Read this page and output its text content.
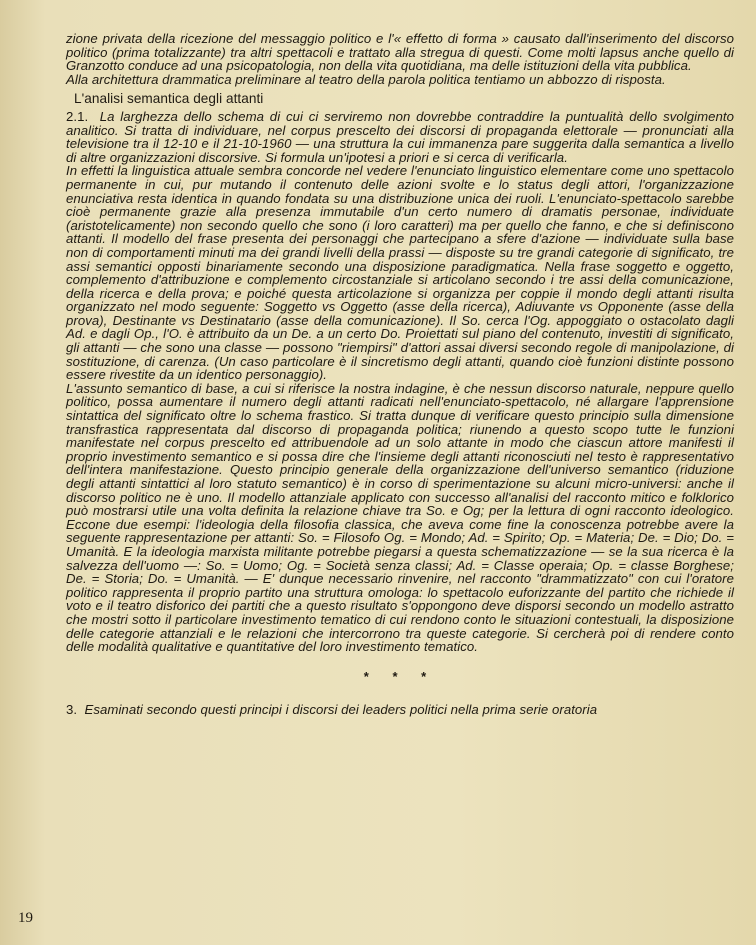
zione privata della ricezione del messaggio politico e l'« effetto di forma » causato dall'inserimento del discorso politico (prima totalizzante) tra altri spettacoli e trattato alla stregua di questi. Come molti lapsus anche quello di Granzotto conduce ad una psicopatologia, non della vita quotidiana, ma delle istituzioni della vita pubblica.

Alla architettura drammatica preliminare al teatro della parola politica tentiamo un abbozzo di risposta.

L'analisi semantica degli attanti

2.1. La larghezza dello schema di cui ci serviremo non dovrebbe contraddire la puntualità dello svolgimento analitico. Si tratta di individuare, nel corpus prescelto dei discorsi di propaganda elettorale — pronunciati alla televisione tra il 12-10 e il 21-10-1960 — una struttura la cui immanenza pare suggerita dalla semantica a livello di altre organizzazioni discorsive. Si formula un'ipotesi a priori e si cerca di verificarla.

In effetti la linguistica attuale sembra concorde nel vedere l'enunciato linguistico elementare come uno spettacolo permanente in cui, pur mutando il contenuto delle azioni svolte e lo status degli attori, l'organizzazione enunciativa resta identica in quando fondata su una distribuzione unica dei ruoli. L'enunciato-spettacolo sarebbe cioè permanente grazie alla presenza immutabile d'un certo numero di dramatis personae, individuate (aristotelicamente) non secondo quello che sono (i loro caratteri) ma per quello che fanno, e che si definiscono attanti. Il modello del frase presenta dei personaggi che partecipano a sfere d'azione — individuate sulla base non di comportamenti minuti ma dei grandi livelli della prassi — disposte su tre grandi categorie di significato, tre assi semantici opposti binariamente secondo una disposizione paradigmatica. Nella frase soggetto e oggetto, complemento d'attribuzione e complemento circostanziale si articolano secondo i tre assi della comunicazione, della ricerca e della prova; e poiché questa articolazione si organizza per coppie il mondo degli attanti risulta organizzato nel modo seguente: Soggetto vs Oggetto (asse della ricerca), Adiuvante vs Opponente (asse della prova), Destinante vs Destinatario (asse della comunicazione). Il So. cerca l'Og. appoggiato o ostacolato dagli Ad. e dagli Op., l'O. è attribuito da un De. a un certo Do. Proiettati sul piano del contenuto, investiti di significato, gli attanti — che sono una classe — possono "riempirsi" d'attori assai diversi secondo regole di manipolazione, di sostituzione, di carenza. (Un caso particolare è il sincretismo degli attanti, quando cioè funzioni distinte possono essere rivestite da un identico personaggio).

L'assunto semantico di base, a cui si riferisce la nostra indagine, è che nessun discorso naturale, neppure quello politico, possa aumentare il numero degli attanti radicati nell'enunciato-spettacolo, né allargare l'apprensione sintattica del significato oltre lo schema frastico. Si tratta dunque di verificare questo principio sulla dimensione transfrastica rappresentata dal discorso di propaganda politica; riunendo a questo scopo tutte le funzioni manifestate nel corpus prescelto ed attribuendole ad un solo attante in modo che ciascun attore manifesti il proprio investimento semantico e si possa dire che l'insieme degli attanti riconosciuti nel testo è rappresentativo dell'intera manifestazione. Questo principio generale della organizzazione dell'universo semantico (riduzione degli attanti sintattici al loro statuto semantico) è in corso di sperimentazione su alcuni micro-universi: anche il discorso politico ne è uno. Il modello attanziale applicato con successo all'analisi del racconto mitico e folklorico può mostrarsi utile una volta definita la relazione chiave tra So. e Og; per la lettura di ogni racconto ideologico. Eccone due esempi: l'ideologia della filosofia classica, che aveva come fine la conoscenza potrebbe avere la seguente rappresentazione per attanti: So. = Filosofo Og. = Mondo; Ad. = Spirito; Op. = Materia; De. = Dio; Do. = Umanità. E la ideologia marxista militante potrebbe piegarsi a questa schematizzazione — se la sua ricerca è la salvezza dell'uomo —: So. = Uomo; Og. = Società senza classi; Ad. = Classe operaia; Op. = classe Borghese; De. = Storia; Do. = Umanità. — E' dunque necessario rinvenire, nel racconto "drammatizzato" con cui l'oratore politico rappresenta il proprio partito una struttura omologa: lo spettacolo euforizzante del partito che richiede il voto e il teatro disforico dei partiti che a questo risultato s'oppongono deve disporsi secondo un modello astratto che mostri sotto il particolare investimento tematico di cui rendono conto le situazioni contestuali, la disposizione delle categorie attanziali e le relazioni che intercorrono tra queste categorie. Si cercherà poi di rendere conto delle modalità qualitative e quantitative del loro investimento tematico.

* * *

3. Esaminati secondo questi principi i discorsi dei leaders politici nella prima serie oratoria

19
